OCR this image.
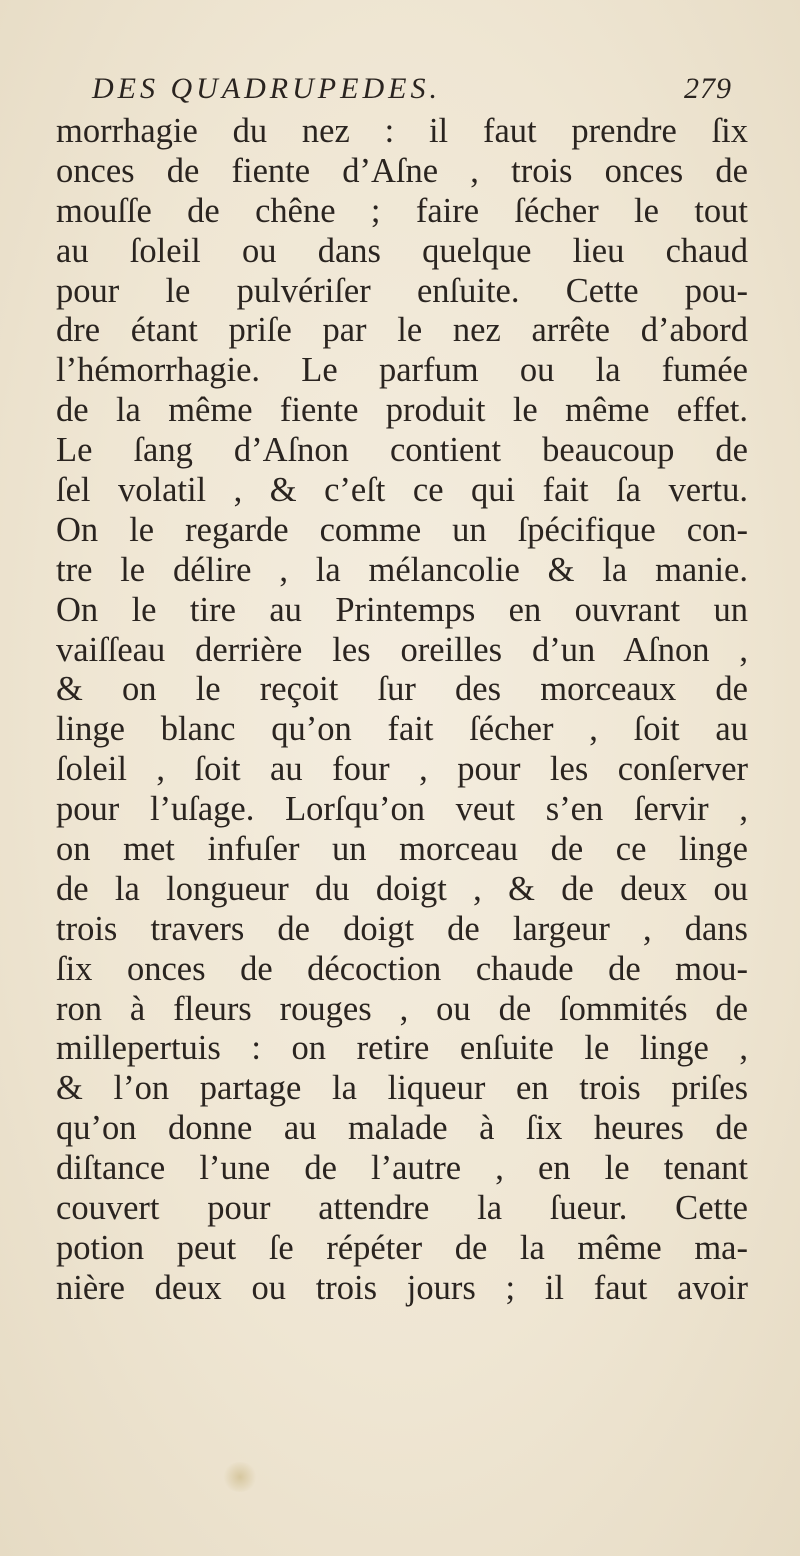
DES QUADRUPEDES.	279
morrhagie du nez : il faut prendre ſix
onces de fiente d’Aſne , trois onces de
mouſſe de chêne ; faire ſécher le tout
au ſoleil ou dans quelque lieu chaud
pour le pulvériſer enſuite. Cette pou-
dre étant priſe par le nez arrête d’abord
l’hémorrhagie. Le parfum ou la fumée
de la même fiente produit le même effet.
Le ſang d’Aſnon contient beaucoup de
ſel volatil , & c’eſt ce qui fait ſa vertu.
On le regarde comme un ſpécifique con-
tre le délire , la mélancolie & la manie.
On le tire au Printemps en ouvrant un
vaiſſeau derrière les oreilles d’un Aſnon ,
& on le reçoit ſur des morceaux de
linge blanc qu’on fait ſécher , ſoit au
ſoleil , ſoit au four , pour les conſerver
pour l’uſage. Lorſqu’on veut s’en ſervir ,
on met infuſer un morceau de ce linge
de la longueur du doigt , & de deux ou
trois travers de doigt de largeur , dans
ſix onces de décoction chaude de mou-
ron à fleurs rouges , ou de ſommités de
millepertuis : on retire enſuite le linge ,
& l’on partage la liqueur en trois priſes
qu’on donne au malade à ſix heures de
diſtance l’une de l’autre , en le tenant
couvert pour attendre la ſueur. Cette
potion peut ſe répéter de la même ma-
nière deux ou trois jours ; il faut avoir
